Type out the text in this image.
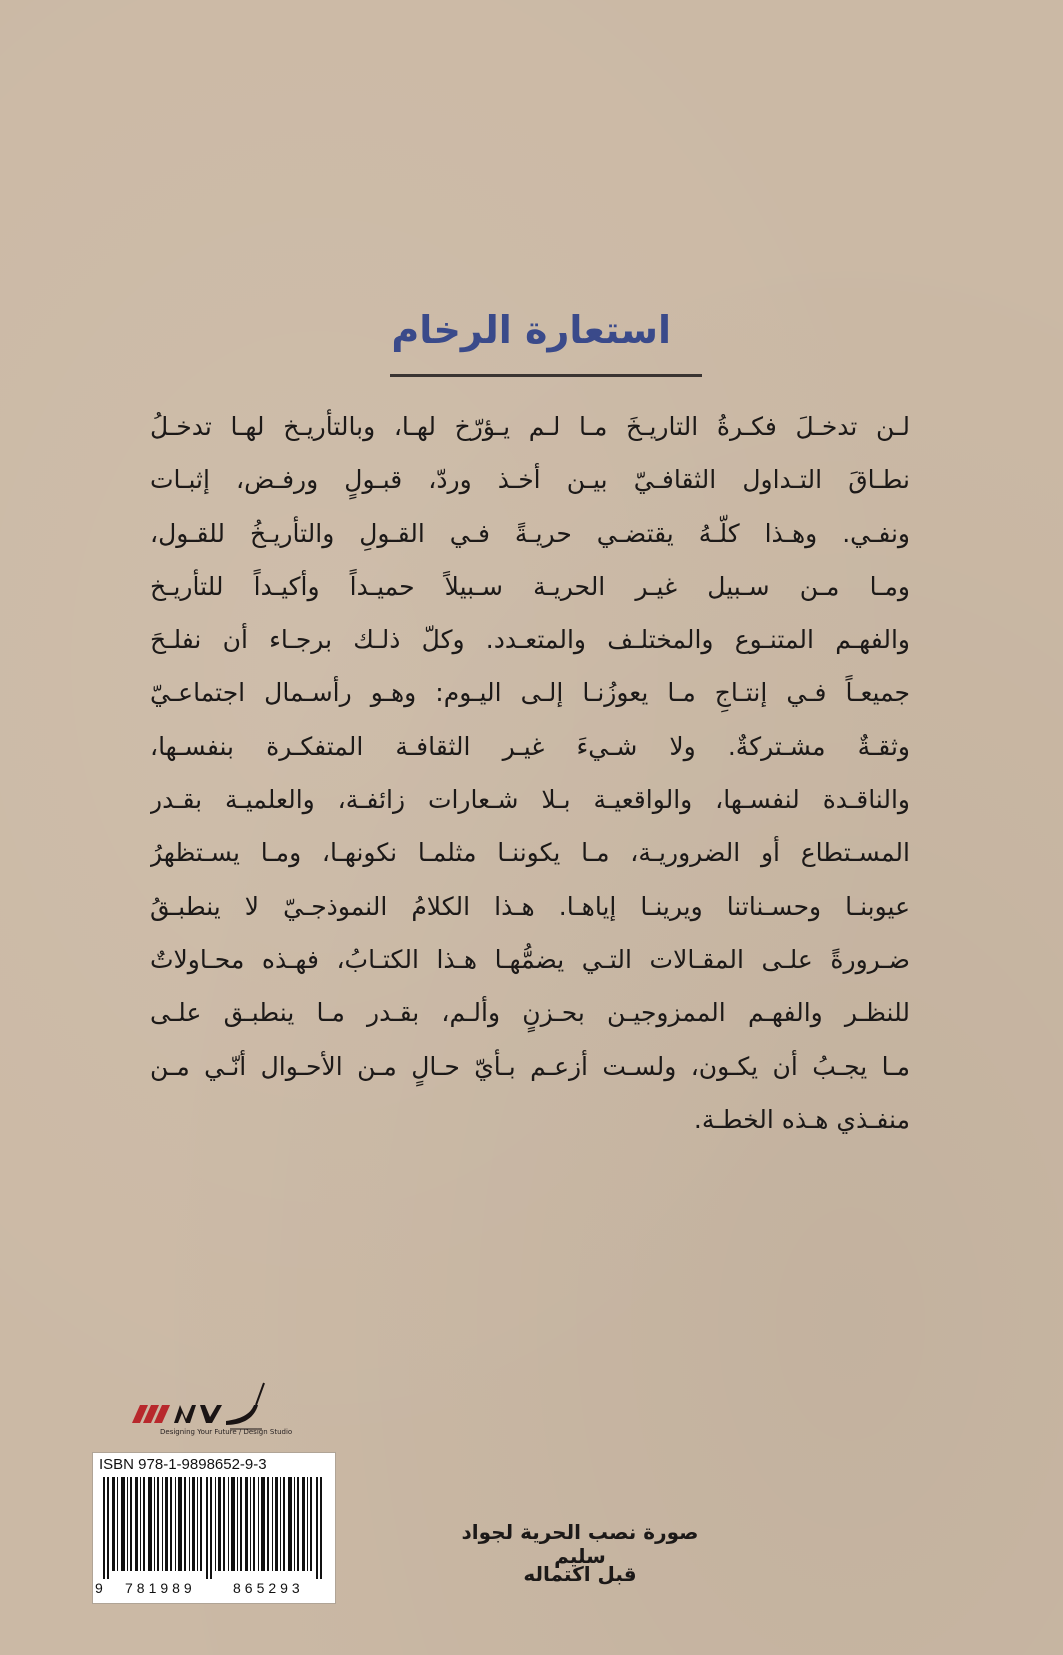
استعارة الرخام
لـن تدخـلَ فكـرةُ التاريـخَ مـا لـم يـؤرّخ لهـا، وبالتأريـخ لهـا تدخـلُ
نطـاقَ التـداول الثقافـيّ بيـن أخـذ وردّ، قبـولٍ ورفـض، إثبـات
ونفـي. وهـذا كلّـهُ يقتضـي حريـةً فـي القـولِ والتأريـخُ للقـول،
ومـا مـن سـبيل غيـر الحريـة سـبيلاً حميـداً وأكيـداً للتأريـخ
والفهـم المتنـوع والمختلـف والمتعـدد. وكلّ ذلـك برجـاء أن نفلـحَ
جميعـاً فـي إنتـاجِ مـا يعوزُنـا إلـى اليـوم: وهـو رأسـمال اجتماعـيّ
وثقـةٌ مشـتركةٌ. ولا شـيءَ غيـر الثقافـة المتفكـرة بنفسـها،
والناقـدة لنفسـها، والواقعيـة بـلا شـعارات زائفـة، والعلميـة بقـدر
المسـتطاع أو الضروريـة، مـا يكوننـا مثلمـا نكونهـا، ومـا يسـتظهرُ
عيوبنـا وحسـناتنا ويرينـا إياهـا. هـذا الكلامُ النموذجـيّ لا ينطبـقُ
ضـرورةً علـى المقـالات التـي يضمُّهـا هـذا الكتـابُ، فهـذه محـاولاتٌ
للنظـر والفهـم الممزوجيـن بحـزنٍ وألـم، بقـدر مـا ينطبـق علـى
مـا يجـبُ أن يكـون، ولسـت أزعـم بـأيّ حـالٍ مـن الأحـوال أنّـي مـن
منفـذي هـذه الخطـة.
Designing Your Future / Design Studio
ISBN 978-1-9898652-9-3
9 781989	865293
صورة نصب الحرية لجواد سليم
قبل اكتماله
